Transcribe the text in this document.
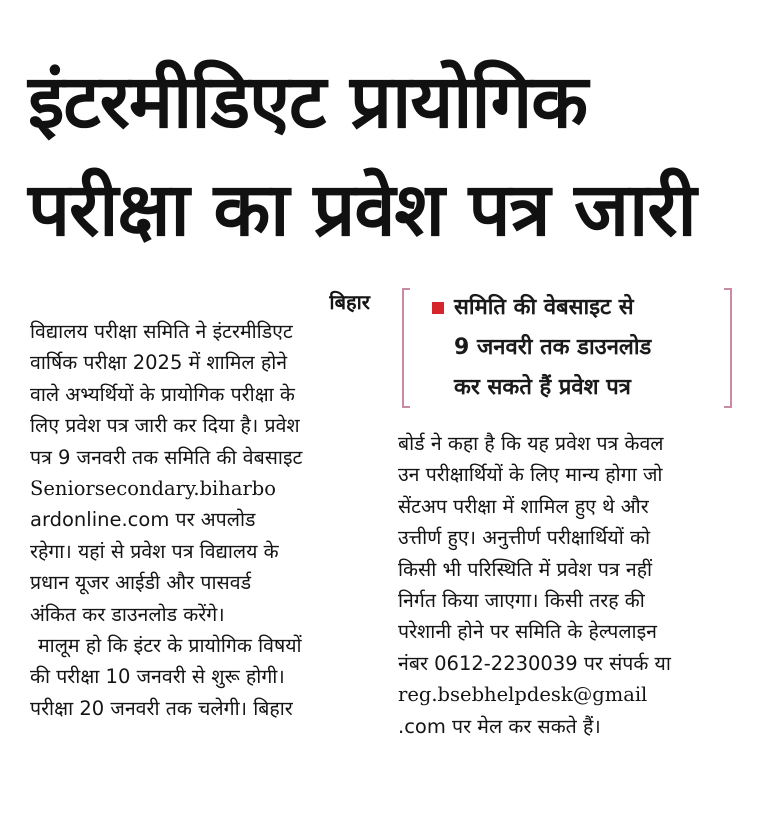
इंटरमीडिएट प्रायोगिक
परीक्षा का प्रवेश पत्र जारी
बिहार
विद्यालय परीक्षा समिति ने इंटरमीडिएट
वार्षिक परीक्षा 2025 में शामिल होने
वाले अभ्यर्थियों के प्रायोगिक परीक्षा के
लिए प्रवेश पत्र जारी कर दिया है। प्रवेश
पत्र 9 जनवरी तक समिति की वेबसाइट
Seniorsecondary.biharbo
ardonline.com पर अपलोड
रहेगा। यहां से प्रवेश पत्र विद्यालय के
प्रधान यूजर आईडी और पासवर्ड
अंकित कर डाउनलोड करेंगे।
मालूम हो कि इंटर के प्रायोगिक विषयों
की परीक्षा 10 जनवरी से शुरू होगी।
परीक्षा 20 जनवरी तक चलेगी। बिहार
समिति की वेबसाइट से
9 जनवरी तक डाउनलोड
कर सकते हैं प्रवेश पत्र
बोर्ड ने कहा है कि यह प्रवेश पत्र केवल
उन परीक्षार्थियों के लिए मान्य होगा जो
सेंटअप परीक्षा में शामिल हुए थे और
उत्तीर्ण हुए। अनुत्तीर्ण परीक्षार्थियों को
किसी भी परिस्थिति में प्रवेश पत्र नहीं
निर्गत किया जाएगा। किसी तरह की
परेशानी होने पर समिति के हेल्पलाइन
नंबर 0612-2230039 पर संपर्क या
reg.bsebhelpdesk@gmail
.com पर मेल कर सकते हैं।
